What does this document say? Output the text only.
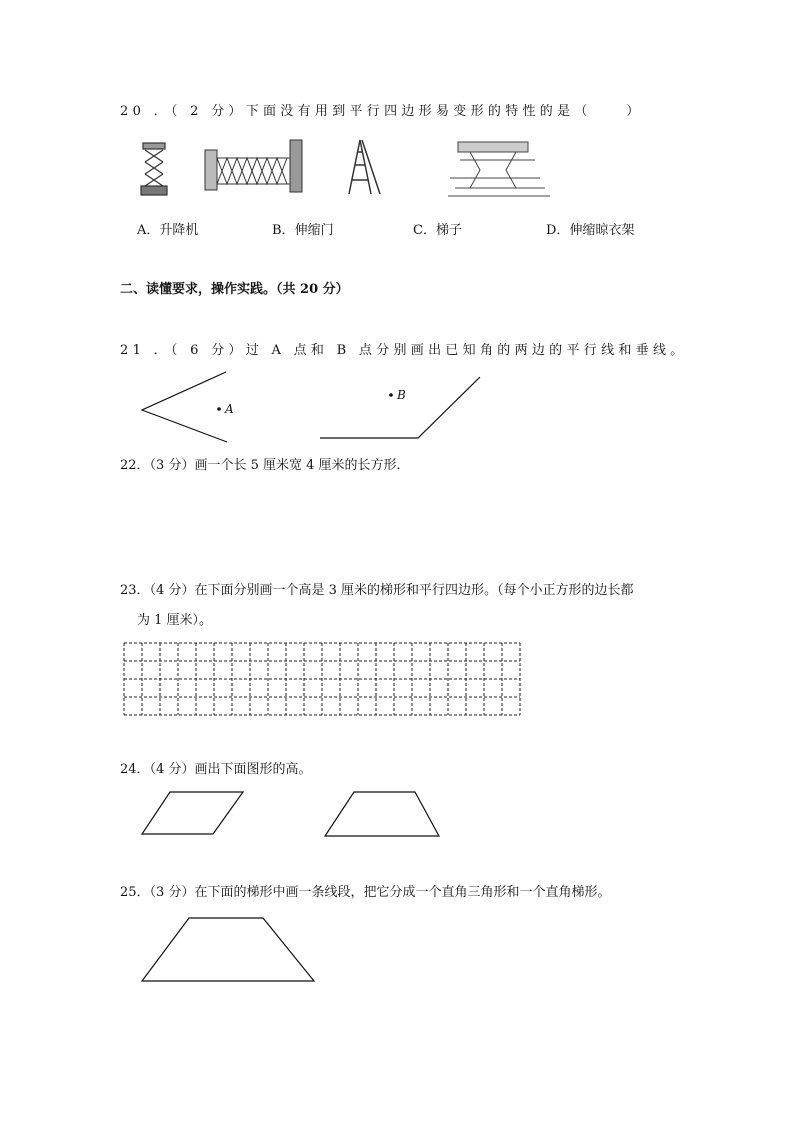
20 ．（ 2 分）下面没有用到平行四边形易变形的特性的是（　　）
A．升降机	B．伸缩门	C．梯子	D．伸缩晾衣架
二、读懂要求，操作实践。（共 20 分）
21 ．（ 6 分）过 A 点和 B 点分别画出已知角的两边的平行线和垂线。
A
B
22．（3 分）画一个长 5 厘米宽 4 厘米的长方形．
23．（4 分）在下面分别画一个高是 3 厘米的梯形和平行四边形。（每个小正方形的边长都
为 1 厘米）。
24．（4 分）画出下面图形的高。
25．（3 分）在下面的梯形中画一条线段，把它分成一个直角三角形和一个直角梯形。
